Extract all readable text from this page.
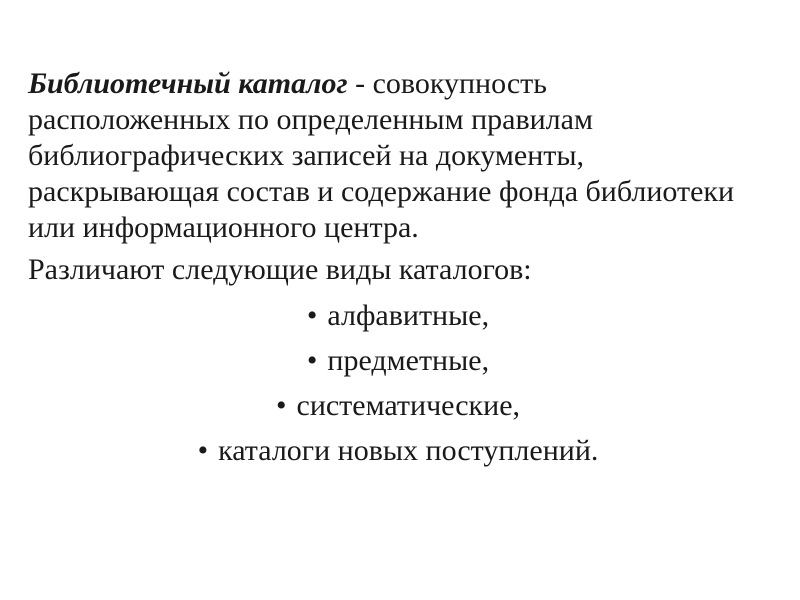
Библиотечный каталог - совокупность расположенных по определенным правилам библиографических записей на документы, раскрывающая состав и содержание фонда библиотеки или информационного центра.

Различают следующие виды каталогов:

• алфавитные,
• предметные,
• систематические,
• каталоги новых поступлений.
